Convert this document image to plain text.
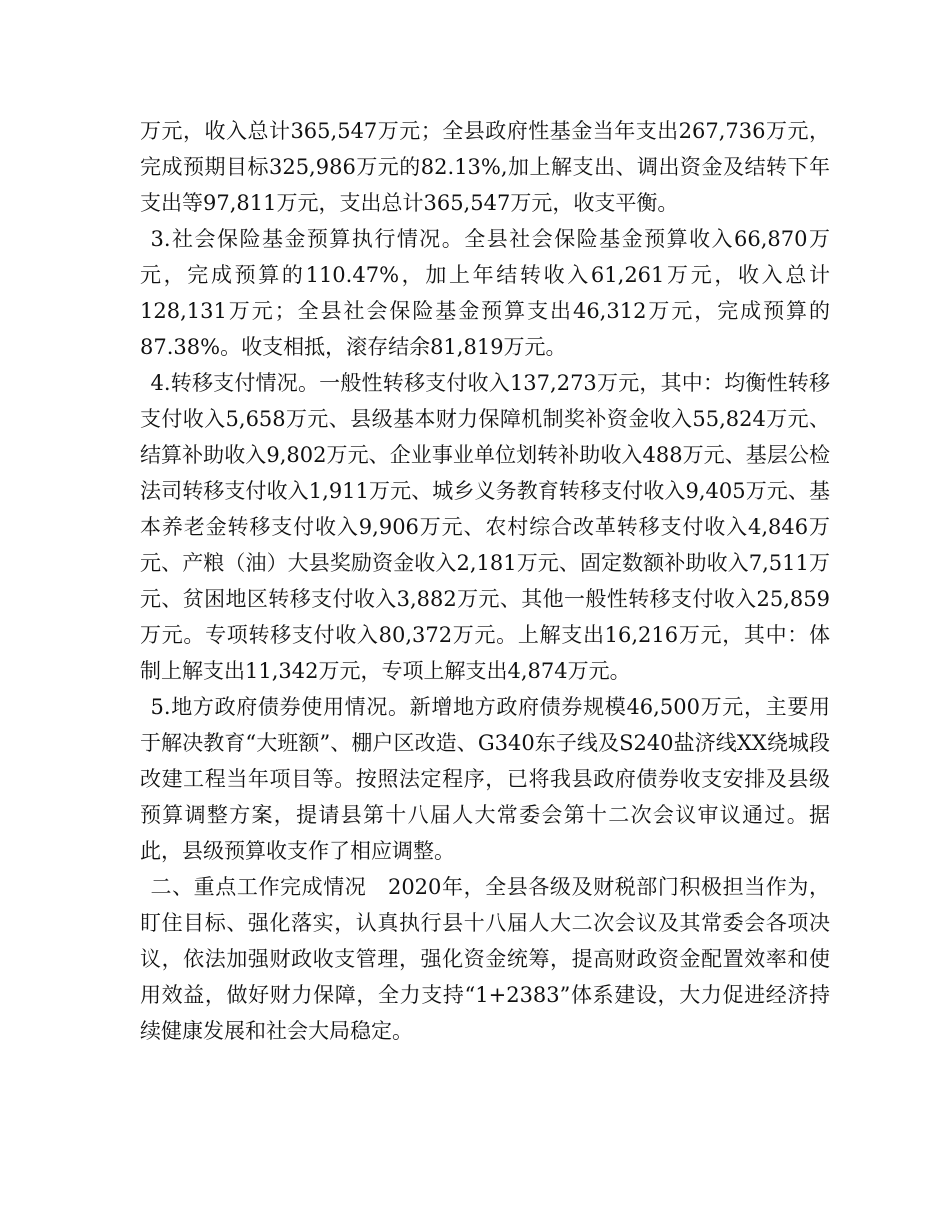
万元，收入总计365,547万元；全县政府性基金当年支出267,736万元，完成预期目标325,986万元的82.13%,加上解支出、调出资金及结转下年支出等97,811万元，支出总计365,547万元，收支平衡。

3.社会保险基金预算执行情况。全县社会保险基金预算收入66,870万元，完成预算的110.47%，加上年结转收入61,261万元，收入总计128,131万元；全县社会保险基金预算支出46,312万元，完成预算的87.38%。收支相抵，滚存结余81,819万元。

4.转移支付情况。一般性转移支付收入137,273万元，其中：均衡性转移支付收入5,658万元、县级基本财力保障机制奖补资金收入55,824万元、结算补助收入9,802万元、企业事业单位划转补助收入488万元、基层公检法司转移支付收入1,911万元、城乡义务教育转移支付收入9,405万元、基本养老金转移支付收入9,906万元、农村综合改革转移支付收入4,846万元、产粮（油）大县奖励资金收入2,181万元、固定数额补助收入7,511万元、贫困地区转移支付收入3,882万元、其他一般性转移支付收入25,859万元。专项转移支付收入80,372万元。上解支出16,216万元，其中：体制上解支出11,342万元，专项上解支出4,874万元。

5.地方政府债券使用情况。新增地方政府债券规模46,500万元，主要用于解决教育“大班额”、棚户区改造、G340东子线及S240盐济线XX绕城段改建工程当年项目等。按照法定程序，已将我县政府债券收支安排及县级预算调整方案，提请县第十八届人大常委会第十二次会议审议通过。据此，县级预算收支作了相应调整。

二、重点工作完成情况　2020年，全县各级及财税部门积极担当作为，盯住目标、强化落实，认真执行县十八届人大二次会议及其常委会各项决议，依法加强财政收支管理，强化资金统筹，提高财政资金配置效率和使用效益，做好财力保障，全力支持“1+2383”体系建设，大力促进经济持续健康发展和社会大局稳定。
